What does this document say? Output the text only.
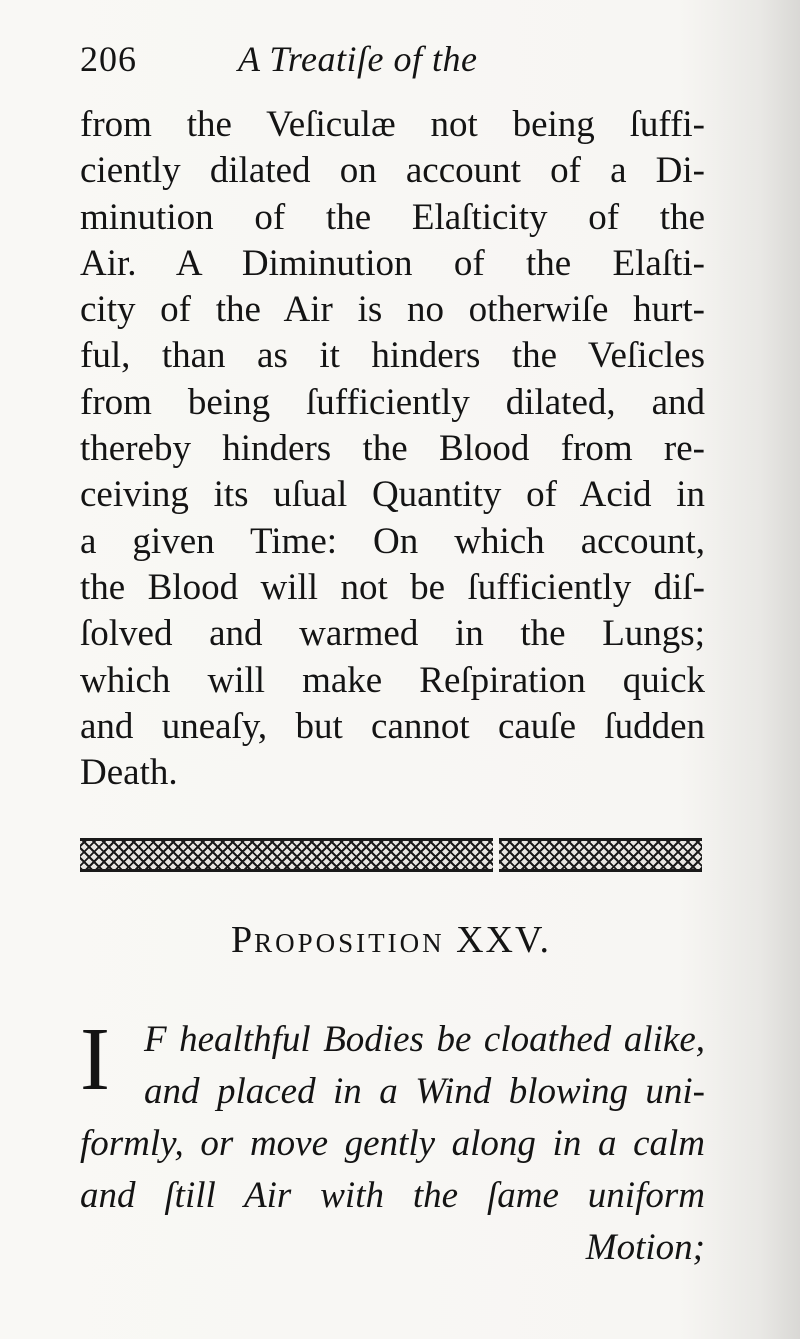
206	A Treatiſe of the
from the Veſiculæ not being ſuffi-
ciently dilated on account of a Di-
minution of the Elaſticity of the
Air. A Diminution of the Elaſti-
city of the Air is no otherwiſe hurt-
ful, than as it hinders the Veſicles
from being ſufficiently dilated, and
thereby hinders the Blood from re-
ceiving its uſual Quantity of Acid in
a given Time: On which account,
the Blood will not be ſufficiently diſ-
ſolved and warmed in the Lungs;
which will make Reſpiration quick
and uneaſy, but cannot cauſe ſudden
Death.
Proposition XXV.
I F healthful Bodies be cloathed alike,
and placed in a Wind blowing uni-
formly, or move gently along in a calm
and ſtill Air with the ſame uniform
Motion;
